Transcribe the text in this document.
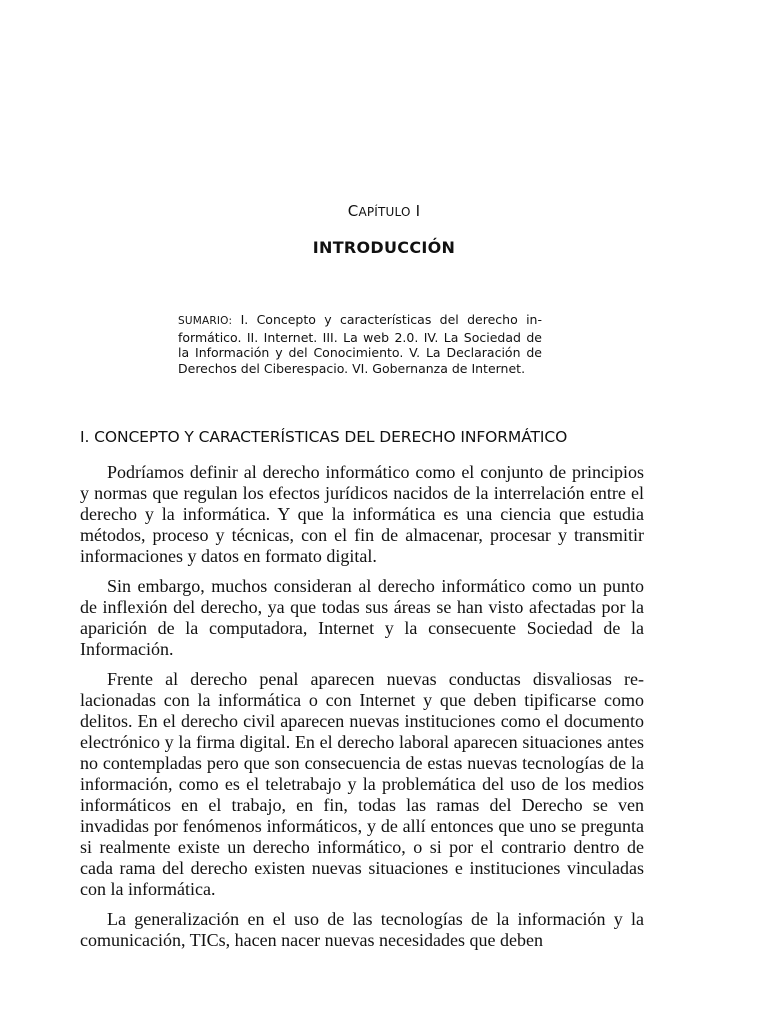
CAPÍTULO I
INTRODUCCIÓN
SUMARIO: I. Concepto y características del derecho informático. II. Internet. III. La web 2.0. IV. La Sociedad de la Información y del Conocimiento. V. La Declaración de Derechos del Ciberespacio. VI. Gobernanza de Internet.
I. CONCEPTO Y CARACTERÍSTICAS DEL DERECHO INFORMÁTICO

Podríamos definir al derecho informático como el conjunto de principios y normas que regulan los efectos jurídicos nacidos de la interrelación entre el derecho y la informática. Y que la informática es una ciencia que estudia métodos, proceso y técnicas, con el fin de almacenar, procesar y transmitir informaciones y datos en formato digital.

Sin embargo, muchos consideran al derecho informático como un punto de inflexión del derecho, ya que todas sus áreas se han visto afectadas por la aparición de la computadora, Internet y la consecuente Sociedad de la Información.

Frente al derecho penal aparecen nuevas conductas disvaliosas relacionadas con la informática o con Internet y que deben tipificarse como delitos. En el derecho civil aparecen nuevas instituciones como el documento electrónico y la firma digital. En el derecho laboral aparecen situaciones antes no contempladas pero que son consecuencia de estas nuevas tecnologías de la información, como es el teletrabajo y la problemática del uso de los medios informáticos en el trabajo, en fin, todas las ramas del Derecho se ven invadidas por fenómenos informáticos, y de allí entonces que uno se pregunta si realmente existe un derecho informático, o si por el contrario dentro de cada rama del derecho existen nuevas situaciones e instituciones vinculadas con la informática.

La generalización en el uso de las tecnologías de la información y la comunicación, TICs, hacen nacer nuevas necesidades que deben
